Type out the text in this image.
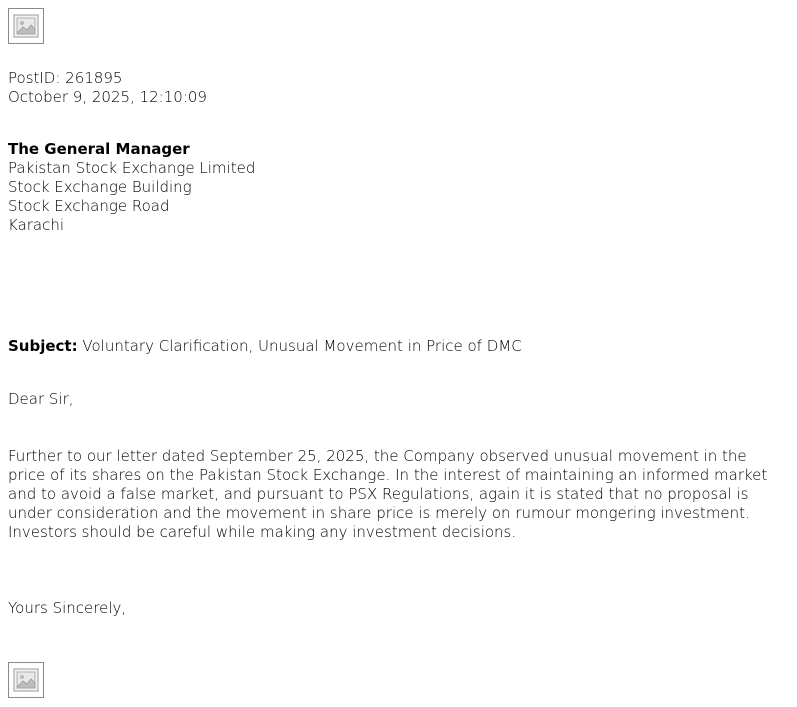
PostID: 261895
October 9, 2025, 12:10:09
The General Manager
Pakistan Stock Exchange Limited
Stock Exchange Building
Stock Exchange Road
Karachi
Subject: Voluntary Clarification, Unusual Movement in Price of DMC
Dear Sir,
Further to our letter dated September 25, 2025, the Company observed unusual movement in the price of its shares on the Pakistan Stock Exchange. In the interest of maintaining an informed market and to avoid a false market, and pursuant to PSX Regulations, again it is stated that no proposal is under consideration and the movement in share price is merely on rumour mongering investment. Investors should be careful while making any investment decisions.
Yours Sincerely,
